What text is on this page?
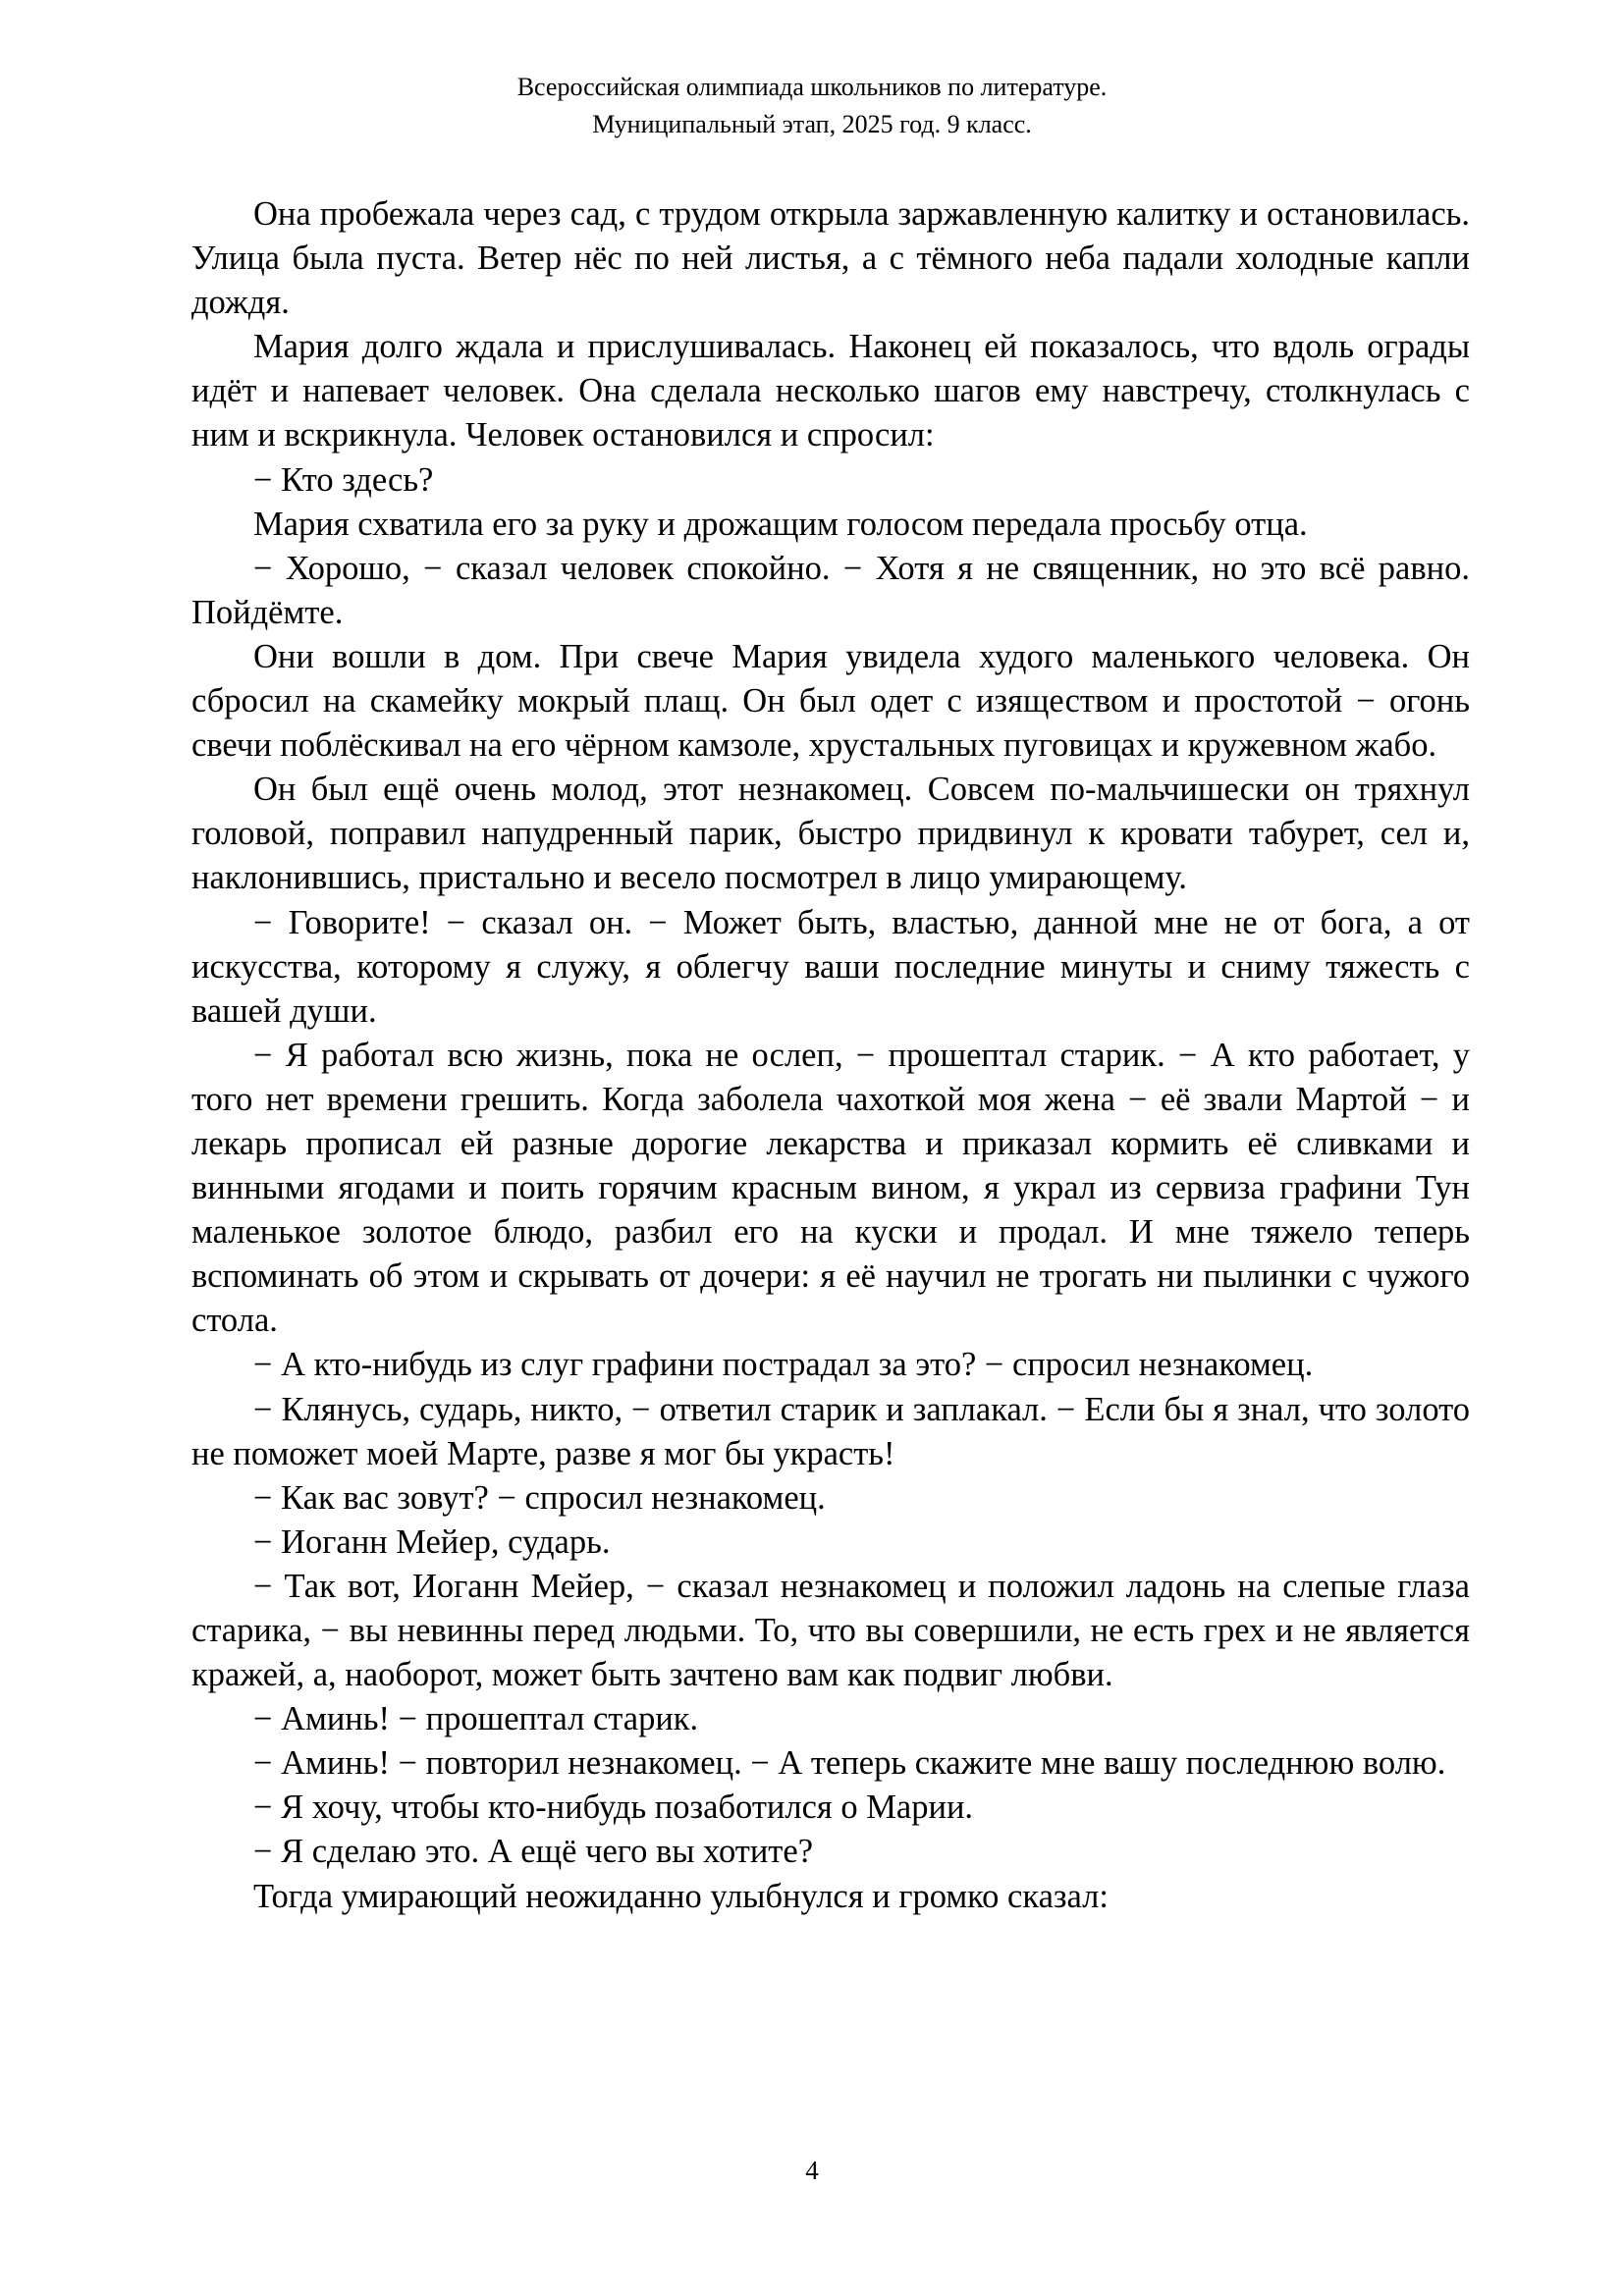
Всероссийская олимпиада школьников по литературе.
Муниципальный этап, 2025 год. 9 класс.

Она пробежала через сад, с трудом открыла заржавленную калитку и остановилась. Улица была пуста. Ветер нёс по ней листья, а с тёмного неба падали холодные капли дождя.

Мария долго ждала и прислушивалась. Наконец ей показалось, что вдоль ограды идёт и напевает человек. Она сделала несколько шагов ему навстречу, столкнулась с ним и вскрикнула. Человек остановился и спросил:

− Кто здесь?

Мария схватила его за руку и дрожащим голосом передала просьбу отца.

− Хорошо, − сказал человек спокойно. − Хотя я не священник, но это всё равно. Пойдёмте.

Они вошли в дом. При свече Мария увидела худого маленького человека. Он сбросил на скамейку мокрый плащ. Он был одет с изяществом и простотой − огонь свечи поблёскивал на его чёрном камзоле, хрустальных пуговицах и кружевном жабо.

Он был ещё очень молод, этот незнакомец. Совсем по-мальчишески он тряхнул головой, поправил напудренный парик, быстро придвинул к кровати табурет, сел и, наклонившись, пристально и весело посмотрел в лицо умирающему.

− Говорите! − сказал он. − Может быть, властью, данной мне не от бога, а от искусства, которому я служу, я облегчу ваши последние минуты и сниму тяжесть с вашей души.

− Я работал всю жизнь, пока не ослеп, − прошептал старик. − А кто работает, у того нет времени грешить. Когда заболела чахоткой моя жена − её звали Мартой − и лекарь прописал ей разные дорогие лекарства и приказал кормить её сливками и винными ягодами и поить горячим красным вином, я украл из сервиза графини Тун маленькое золотое блюдо, разбил его на куски и продал. И мне тяжело теперь вспоминать об этом и скрывать от дочери: я её научил не трогать ни пылинки с чужого стола.

− А кто-нибудь из слуг графини пострадал за это? − спросил незнакомец.

− Клянусь, сударь, никто, − ответил старик и заплакал. − Если бы я знал, что золото не поможет моей Марте, разве я мог бы украсть!

− Как вас зовут? − спросил незнакомец.

− Иоганн Мейер, сударь.

− Так вот, Иоганн Мейер, − сказал незнакомец и положил ладонь на слепые глаза старика, − вы невинны перед людьми. То, что вы совершили, не есть грех и не является кражей, а, наоборот, может быть зачтено вам как подвиг любви.

− Аминь! − прошептал старик.

− Аминь! − повторил незнакомец. − А теперь скажите мне вашу последнюю волю.

− Я хочу, чтобы кто-нибудь позаботился о Марии.

− Я сделаю это. А ещё чего вы хотите?

Тогда умирающий неожиданно улыбнулся и громко сказал:

4
